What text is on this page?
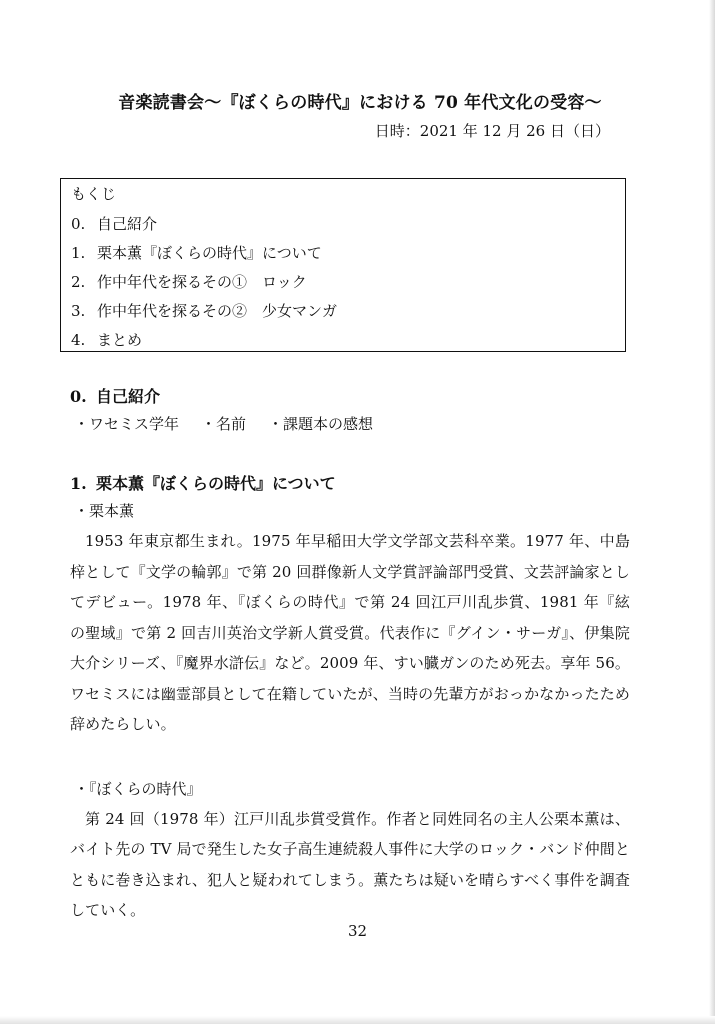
音楽読書会～『ぼくらの時代』における 70 年代文化の受容～
日時：2021 年 12 月 26 日（日）
もくじ
0. 自己紹介
1. 栗本薫『ぼくらの時代』について
2. 作中年代を探るその①　ロック
3. 作中年代を探るその②　少女マンガ
4. まとめ
0. 自己紹介
・ワセミス学年 ・名前 ・課題本の感想
1. 栗本薫『ぼくらの時代』について
・栗本薫

1953 年東京都生まれ。1975 年早稲田大学文学部文芸科卒業。1977 年、中島梓として『文学の輪郭』で第 20 回群像新人文学賞評論部門受賞、文芸評論家としてデビュー。1978 年、『ぼくらの時代』で第 24 回江戸川乱歩賞、1981 年『絃の聖域』で第 2 回吉川英治文学新人賞受賞。代表作に『グイン・サーガ』、伊集院大介シリーズ、『魔界水滸伝』など。2009 年、すい臓ガンのため死去。享年 56。ワセミスには幽霊部員として在籍していたが、当時の先輩方がおっかなかったため辞めたらしい。

・『ぼくらの時代』

第 24 回（1978 年）江戸川乱歩賞受賞作。作者と同姓同名の主人公栗本薫は、バイト先の TV 局で発生した女子高生連続殺人事件に大学のロック・バンド仲間とともに巻き込まれ、犯人と疑われてしまう。薫たちは疑いを晴らすべく事件を調査していく。

32
